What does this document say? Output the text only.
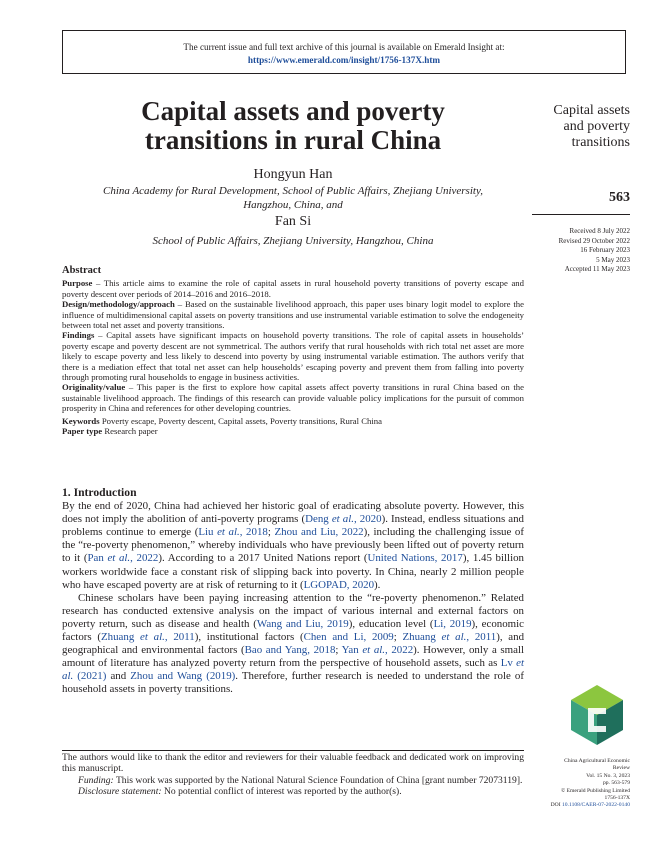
The current issue and full text archive of this journal is available on Emerald Insight at:
https://www.emerald.com/insight/1756-137X.htm
Capital assets and poverty
transitions in rural China
Hongyun Han
China Academy for Rural Development, School of Public Affairs, Zhejiang University,
Hangzhou, China, and
Fan Si
School of Public Affairs, Zhejiang University, Hangzhou, China
Capital assets
and poverty
transitions
563
Received 8 July 2022
Revised 29 October 2022
16 February 2023
5 May 2023
Accepted 11 May 2023

Abstract

Purpose – This article aims to examine the role of capital assets in rural household poverty transitions of poverty escape and poverty descent over periods of 2014–2016 and 2016–2018.

Design/methodology/approach – Based on the sustainable livelihood approach, this paper uses binary logit model to explore the influence of multidimensional capital assets on poverty transitions and use instrumental variable estimation to solve the endogeneity between total net asset and poverty transitions.

Findings – Capital assets have significant impacts on household poverty transitions. The role of capital assets in households’ poverty escape and poverty descent are not symmetrical. The authors verify that rural households with rich total net asset are more likely to escape poverty and less likely to descend into poverty by using instrumental variable estimation. The authors verify that there is a mediation effect that total net asset can help households’ escaping poverty and prevent them from falling into poverty through promoting rural households to engage in business activities.

Originality/value – This paper is the first to explore how capital assets affect poverty transitions in rural China based on the sustainable livelihood approach. The findings of this research can provide valuable policy implications for the pursuit of common prosperity in China and references for other developing countries.

Keywords Poverty escape, Poverty descent, Capital assets, Poverty transitions, Rural China

Paper type Research paper

1. Introduction

By the end of 2020, China had achieved her historic goal of eradicating absolute poverty. However, this does not imply the abolition of anti-poverty programs (Deng et al., 2020). Instead, endless situations and problems continue to emerge (Liu et al., 2018; Zhou and Liu, 2022), including the challenging issue of the “re-poverty phenomenon,” whereby individuals who have previously been lifted out of poverty return to it (Pan et al., 2022). According to a 2017 United Nations report (United Nations, 2017), 1.45 billion workers worldwide face a constant risk of slipping back into poverty. In China, nearly 2 million people who have escaped poverty are at risk of returning to it (LGOPAD, 2020).

Chinese scholars have been paying increasing attention to the “re-poverty phenomenon.” Related research has conducted extensive analysis on the impact of various internal and external factors on poverty return, such as disease and health (Wang and Liu, 2019), education level (Li, 2019), economic factors (Zhuang et al., 2011), institutional factors (Chen and Li, 2009; Zhuang et al., 2011), and geographical and environmental factors (Bao and Yang, 2018; Yan et al., 2022). However, only a small amount of literature has analyzed poverty return from the perspective of household assets, such as Lv et al. (2021) and Zhou and Wang (2019). Therefore, further research is needed to understand the role of household assets in poverty transitions.

The authors would like to thank the editor and reviewers for their valuable feedback and dedicated work on improving this manuscript.

Funding: This work was supported by the National Natural Science Foundation of China [grant number 72073119].

Disclosure statement: No potential conflict of interest was reported by the author(s).

China Agricultural Economic
Review
Vol. 15 No. 3, 2023
pp. 563-579
© Emerald Publishing Limited
1756-137X
DOI 10.1108/CAER-07-2022-0140
